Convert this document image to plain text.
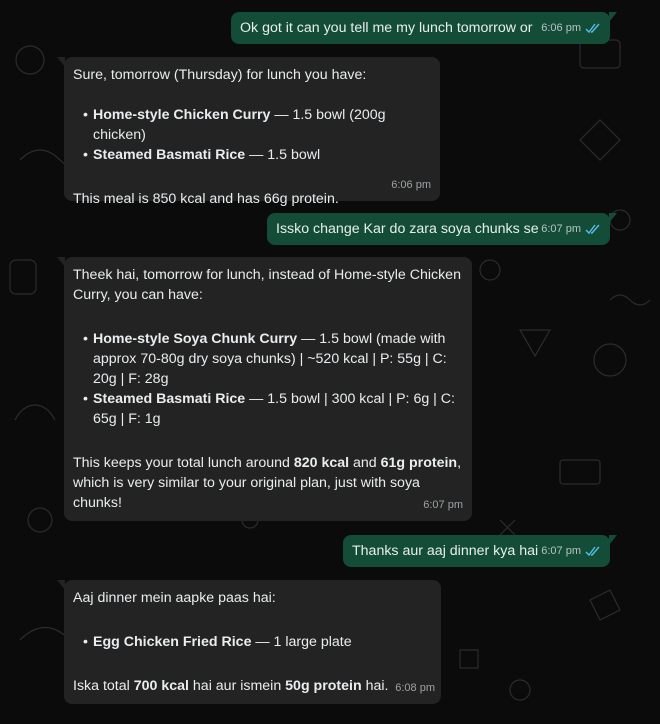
Ok got it can you tell me my lunch tomorrow or 6:06 pm

Sure, tomorrow (Thursday) for lunch you have:

• Home-style Chicken Curry — 1.5 bowl (200g chicken)
• Steamed Basmati Rice — 1.5 bowl

This meal is 850 kcal and has 66g protein.

6:06 pm

Issko change Kar do zara soya chunks se 6:07 pm

Theek hai, tomorrow for lunch, instead of Home-style Chicken Curry, you can have:

• Home-style Soya Chunk Curry — 1.5 bowl (made with approx 70-80g dry soya chunks) | ~520 kcal | P: 55g | C: 20g | F: 28g
• Steamed Basmati Rice — 1.5 bowl | 300 kcal | P: 6g | C: 65g | F: 1g

This keeps your total lunch around 820 kcal and 61g protein, which is very similar to your original plan, just with soya chunks!	6:07 pm

Thanks aur aaj dinner kya hai 6:07 pm

Aaj dinner mein aapke paas hai:

• Egg Chicken Fried Rice — 1 large plate

Iska total 700 kcal hai aur ismein 50g protein hai. 6:08 pm
